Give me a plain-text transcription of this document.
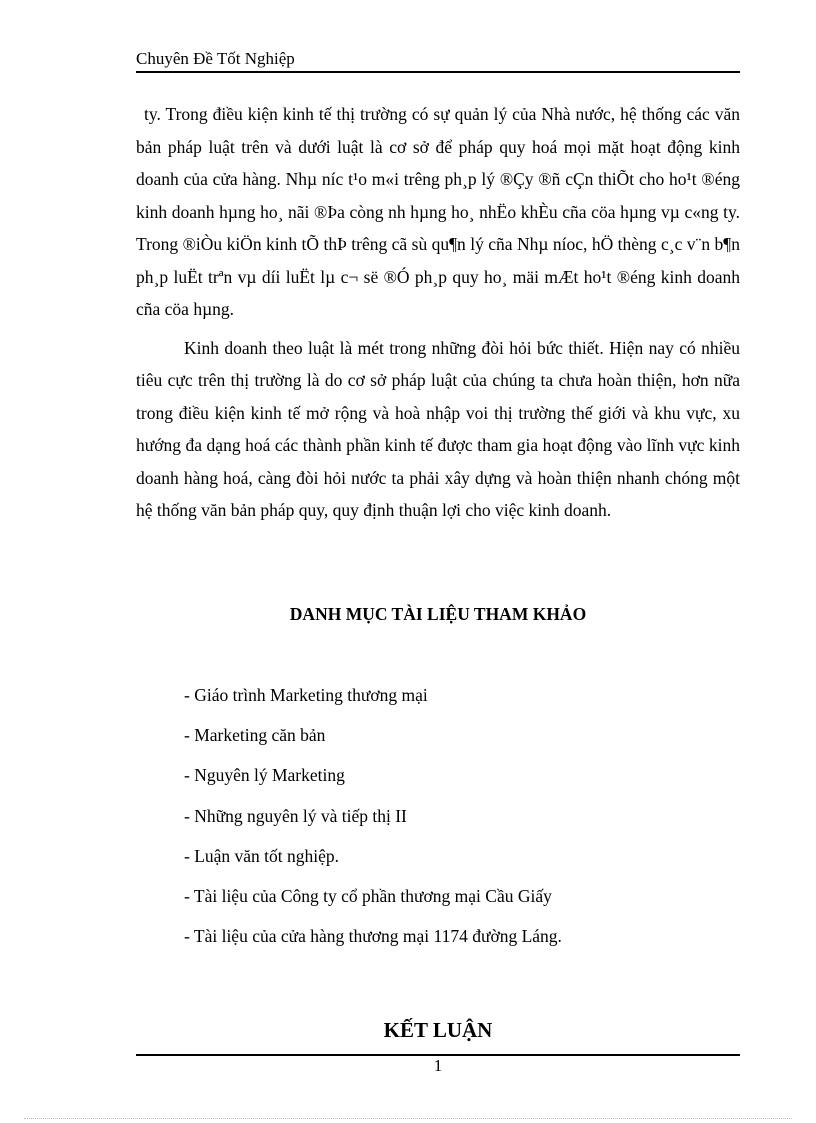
Chuyên Đề Tốt Nghiệp

ty. Trong điều kiện kinh tế thị trường có sự quản lý của Nhà nước, hệ thống các văn bản pháp luật trên và dưới luật là cơ sở để pháp quy hoá mọi mặt hoạt động kinh doanh của cửa hàng. Nhµ níc t¹o m«i trêng ph¸p lý ®Çy ®ñ cÇn thiÕt cho ho¹t ®éng kinh doanh hµng ho¸ nãi ®Þa còng nh hµng ho¸ nhËo khÈu cña cöa hµng vµ c«ng ty. Trong ®iÒu kiÖn kinh tÕ thÞ trêng cã sù qu¶n lý cña Nhµ níoc, hÖ thèng c¸c v¨n b¶n ph¸p luËt trªn vµ díi luËt lµ c¬ së ®Ó ph¸p quy ho¸ mäi mÆt ho¹t ®éng kinh doanh cña cöa hµng.

Kinh doanh theo luật là mét trong những đòi hỏi bức thiết. Hiện nay có nhiều tiêu cực trên thị trường là do cơ sở pháp luật của chúng ta chưa hoàn thiện, hơn nữa trong điều kiện kinh tế mở rộng và hoà nhập voi thị trường thế giới và khu vực, xu hướng đa dạng hoá các thành phần kinh tế được tham gia hoạt động vào lĩnh vực kinh doanh hàng hoá, càng đòi hỏi nước ta phải xây dựng và hoàn thiện nhanh chóng một hệ thống văn bản pháp quy, quy định thuận lợi cho việc kinh doanh.

DANH MỤC TÀI LIỆU THAM KHẢO
- Giáo trình Marketing thương mại
- Marketing căn bản
- Nguyên lý Marketing
- Những nguyên lý và tiếp thị II
- Luận văn tốt nghiệp.
- Tài liệu của Công ty cổ phần thương mại Cầu Giấy
- Tài liệu của cửa hàng thương mại 1174 đường Láng.
KẾT LUẬN
1
